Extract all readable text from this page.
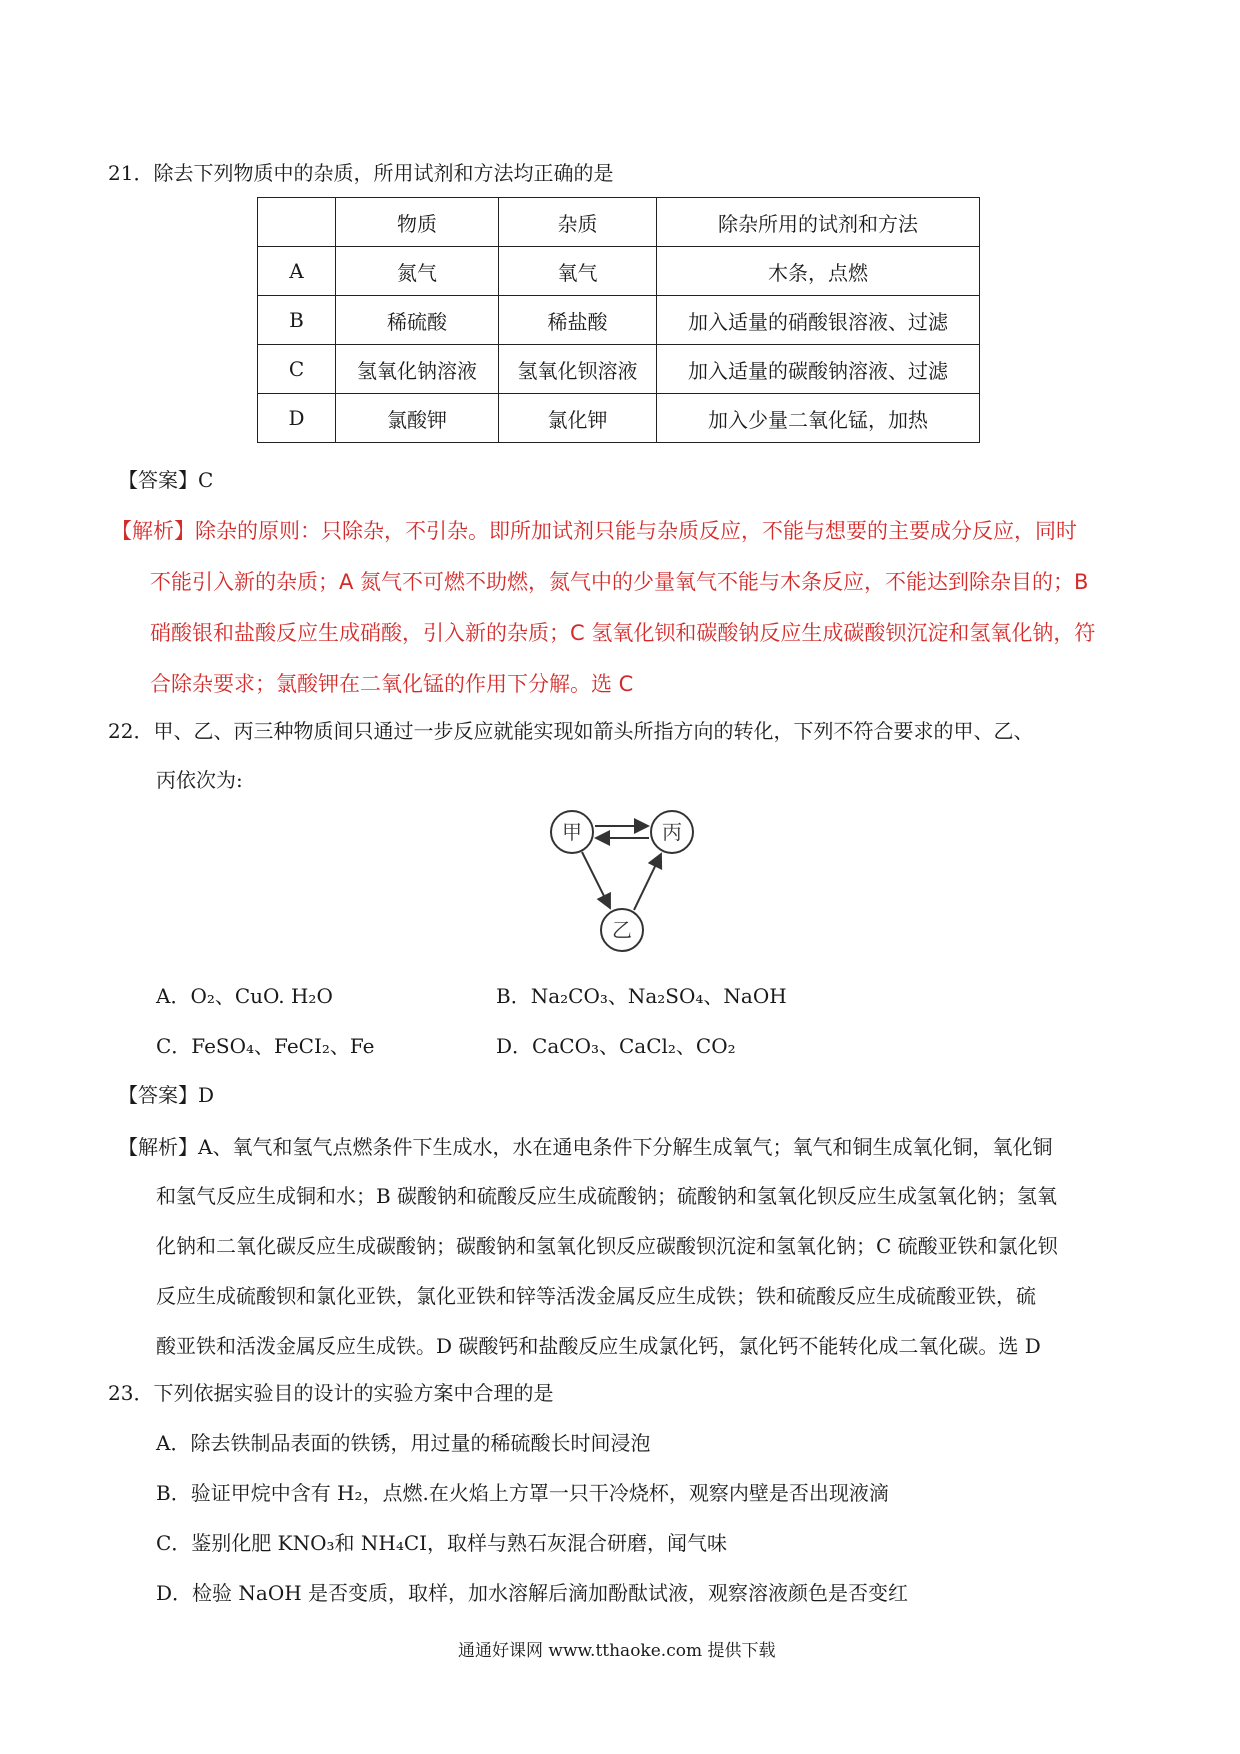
21．除去下列物质中的杂质，所用试剂和方法均正确的是
	物质	杂质	除杂所用的试剂和方法
A	氮气	氧气	木条，点燃
B	稀硫酸	稀盐酸	加入适量的硝酸银溶液、过滤
C	氢氧化钠溶液	氢氧化钡溶液	加入适量的碳酸钠溶液、过滤
D	氯酸钾	氯化钾	加入少量二氧化锰，加热
【答案】C
【解析】除杂的原则：只除杂，不引杂。即所加试剂只能与杂质反应，不能与想要的主要成分反应，同时
不能引入新的杂质；A 氮气不可燃不助燃，氮气中的少量氧气不能与木条反应，不能达到除杂目的；B
硝酸银和盐酸反应生成硝酸，引入新的杂质；C 氢氧化钡和碳酸钠反应生成碳酸钡沉淀和氢氧化钠，符
合除杂要求；氯酸钾在二氧化锰的作用下分解。选 C
22．甲、乙、丙三种物质间只通过一步反应就能实现如箭头所指方向的转化，下列不符合要求的甲、乙、
丙依次为:
甲	丙
乙
A．O₂、CuO. H₂O	B．Na₂CO₃、Na₂SO₄、NaOH
C．FeSO₄、FeCI₂、Fe	D．CaCO₃、CaCl₂、CO₂
【答案】D
【解析】A、氧气和氢气点燃条件下生成水，水在通电条件下分解生成氧气；氧气和铜生成氧化铜，氧化铜
和氢气反应生成铜和水；B 碳酸钠和硫酸反应生成硫酸钠；硫酸钠和氢氧化钡反应生成氢氧化钠；氢氧
化钠和二氧化碳反应生成碳酸钠；碳酸钠和氢氧化钡反应碳酸钡沉淀和氢氧化钠；C 硫酸亚铁和氯化钡
反应生成硫酸钡和氯化亚铁，氯化亚铁和锌等活泼金属反应生成铁；铁和硫酸反应生成硫酸亚铁，硫
酸亚铁和活泼金属反应生成铁。D 碳酸钙和盐酸反应生成氯化钙，氯化钙不能转化成二氧化碳。选 D
23．下列依据实验目的设计的实验方案中合理的是
A．除去铁制品表面的铁锈，用过量的稀硫酸长时间浸泡
B．验证甲烷中含有 H₂，点燃.在火焰上方罩一只干冷烧杯，观察内壁是否出现液滴
C．鉴别化肥 KNO₃和 NH₄CI，取样与熟石灰混合研磨，闻气味
D．检验 NaOH 是否变质，取样，加水溶解后滴加酚酞试液，观察溶液颜色是否变红
通通好课网 www.tthaoke.com 提供下载
